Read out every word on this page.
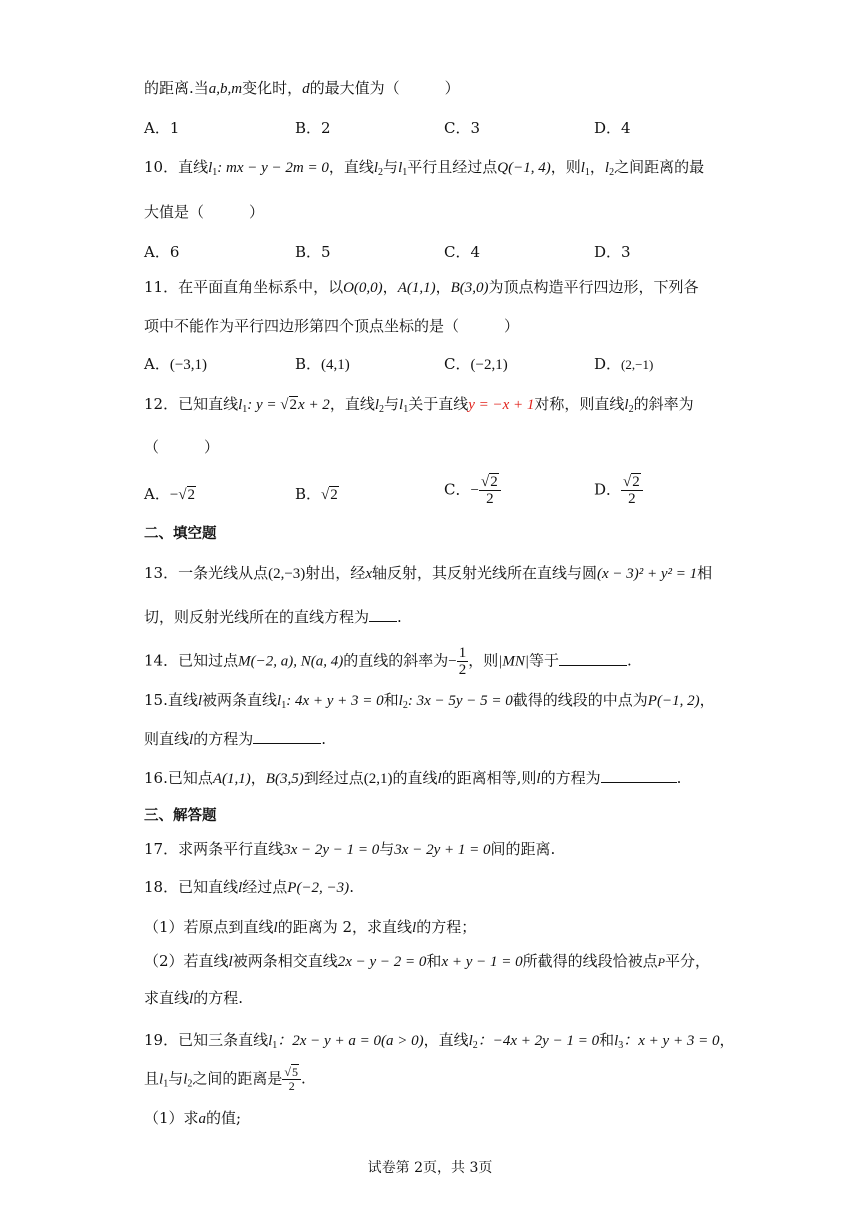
的距离.当a,b,m变化时，d的最大值为（　　　）
A．1	B．2	C．3	D．4
10．直线$l_1$: mx − y − 2m = 0，直线$l_2$与$l_1$平行且经过点Q(−1, 4)，则$l_1$，$l_2$之间距离的最
大值是（　　　）
A．6	B．5	C．4	D．3
11．在平面直角坐标系中，以O(0,0)，A(1,1)，B(3,0)为顶点构造平行四边形，下列各
项中不能作为平行四边形第四个顶点坐标的是（　　　）
A．(−3,1)	B．(4,1)	C．(−2,1)	D．(2,−1)
12．已知直线$l_1$: y = √2x + 2，直线$l_2$与$l_1$关于直线y = −x + 1对称，则直线$l_2$的斜率为
（　　　）
A．−√2	B．√2	C．− $\frac{√2}{2}$	D． $\frac{√2}{2}$
二、填空题
13．一条光线从点(2,−3)射出，经x轴反射，其反射光线所在直线与圆(x − 3)² + y² = 1相
切，则反射光线所在的直线方程为 .
14．已知过点M(−2, a), N(a, 4)的直线的斜率为− $\frac{1}{2}$ ，则|MN|等于	.
15.直线l被两条直线$l_1$: 4x + y + 3 = 0和$l_2$: 3x − 5y − 5 = 0截得的线段的中点为P(−1, 2)，
则直线l的方程为	.
16.已知点A(1,1)，B(3,5)到经过点(2,1)的直线l的距离相等,则l的方程为	.
三、解答题
17．求两条平行直线3x − 2y − 1 = 0与3x − 2y + 1 = 0间的距离.
18．已知直线l经过点P(−2, −3).
（1）若原点到直线l的距离为 2，求直线l的方程；
（2）若直线l被两条相交直线2x − y − 2 = 0和x + y − 1 = 0所截得的线段恰被点P平分，
求直线l的方程.
19．已知三条直线$l_1$：2x − y + a = 0(a > 0)，直线$l_2$：−4x + 2y − 1 = 0和$l_3$：x + y + 3 = 0，
且$l_1$与$l_2$之间的距离是 $\frac{√5}{2}$ .
（1）求a的值;
试卷第 2页，共 3页
